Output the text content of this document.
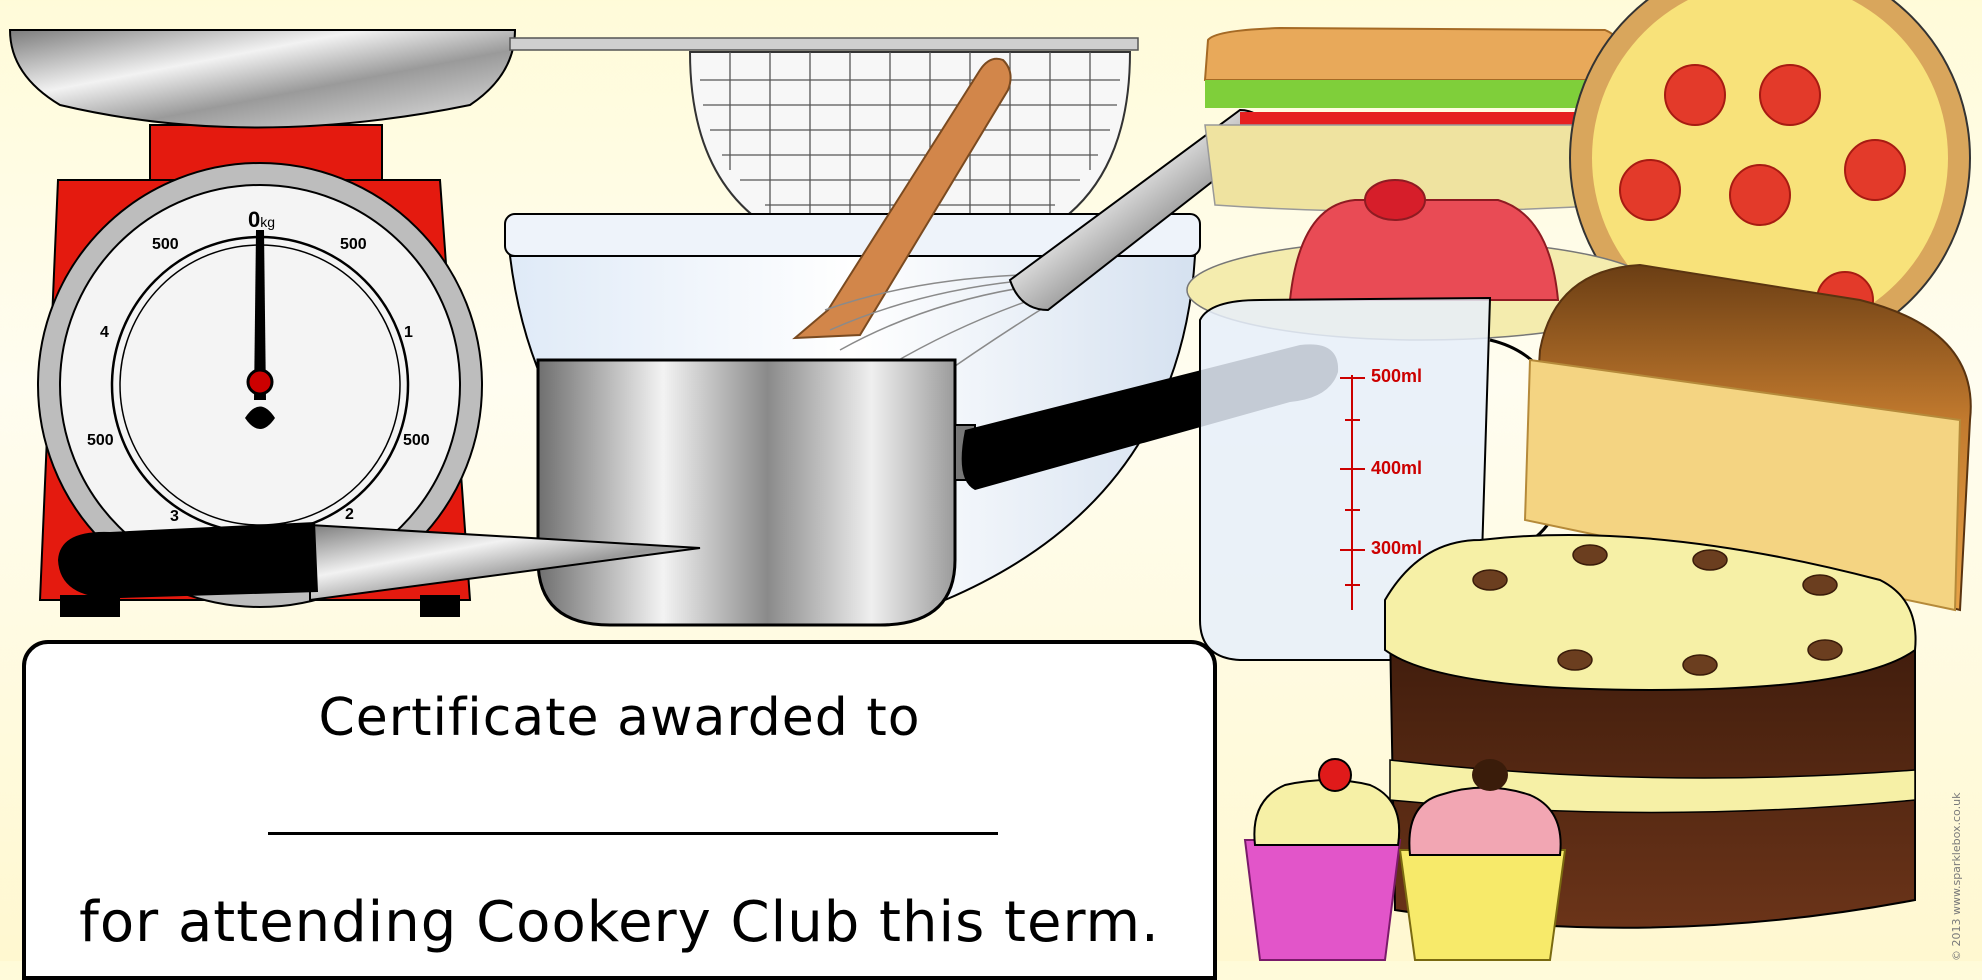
0kg
500	500
4	1
500	500
3	2
500ml
400ml
300ml
Certificate awarded to
for attending Cookery Club this term.	© 2013 www.sparklebox.co.uk
